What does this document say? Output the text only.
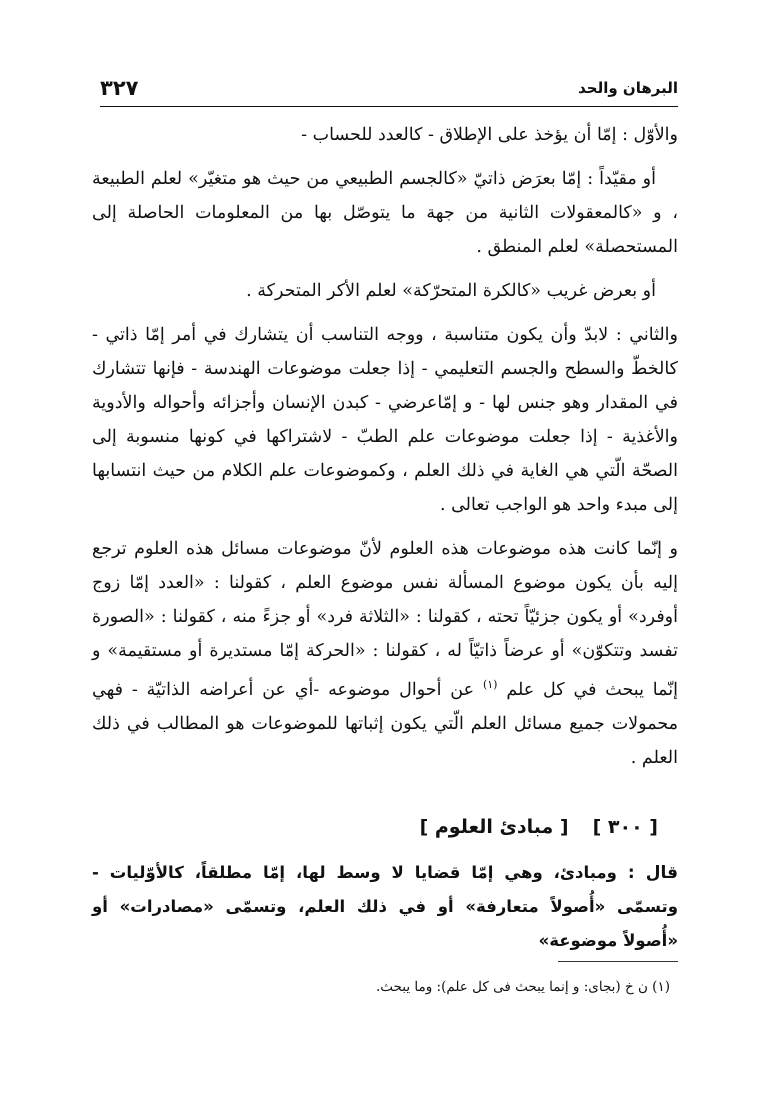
البرهان والحد
٣٢٧

والأوّل : إمّا أن يؤخذ على الإطلاق - كالعدد للحساب -

أو مقيّداً : إمّا بعرَض ذاتيّ «كالجسم الطبيعي من حيث هو متغيّر» لعلم الطبيعة ، و «كالمعقولات الثانية من جهة ما يتوصّل بها من المعلومات الحاصلة إلى المستحصلة» لعلم المنطق .

أو بعرض غريب «كالكرة المتحرّكة» لعلم الأكر المتحركة .

والثاني : لابدّ وأن يكون متناسبة ، ووجه التناسب أن يتشارك في أمر إمّا ذاتي - كالخطّ والسطح والجسم التعليمي - إذا جعلت موضوعات الهندسة - فإنها تتشارك في المقدار وهو جنس لها - و إمّاعرضي - كبدن الإنسان وأجزائه وأحواله والأدوية والأغذية - إذا جعلت موضوعات علم الطبّ - لاشتراكها في كونها منسوبة إلى الصحّة الّتي هي الغاية في ذلك العلم ، وكموضوعات علم الكلام من حيث انتسابها إلى مبدء واحد هو الواجب تعالى .

و إنّما كانت هذه موضوعات هذه العلوم لأنّ موضوعات مسائل هذه العلوم ترجع إليه بأن يكون موضوع المسألة نفس موضوع العلم ، كقولنا : «العدد إمّا زوج أوفرد» أو يكون جزئيّاً تحته ، كقولنا : «الثلاثة فرد» أو جزءً منه ، كقولنا : «الصورة تفسد وتتكوّن» أو عرضاً ذاتيّاً له ، كقولنا : «الحركة إمّا مستديرة أو مستقيمة» و إنّما يبحث في كل علم $^{(١)}$ عن أحوال موضوعه -أي عن أعراضه الذاتيّة - فهي محمولات جميع مسائل العلم الّتي يكون إثباتها للموضوعات هو المطالب في ذلك العلم .

[ ٣٠٠ ]
[ مبادئ العلوم ]
قال : ومبادئ، وهي إمّا قضايا لا وسط لها، إمّا مطلقاً، كالأوّليات - وتسمّى «أُصولاً متعارفة» أو في ذلك العلم، وتسمّى «مصادرات» أو «أُصولاً موضوعة»
(١) ن خ (بجاى: و إنما يبحث فى كل علم): وما يبحث.
